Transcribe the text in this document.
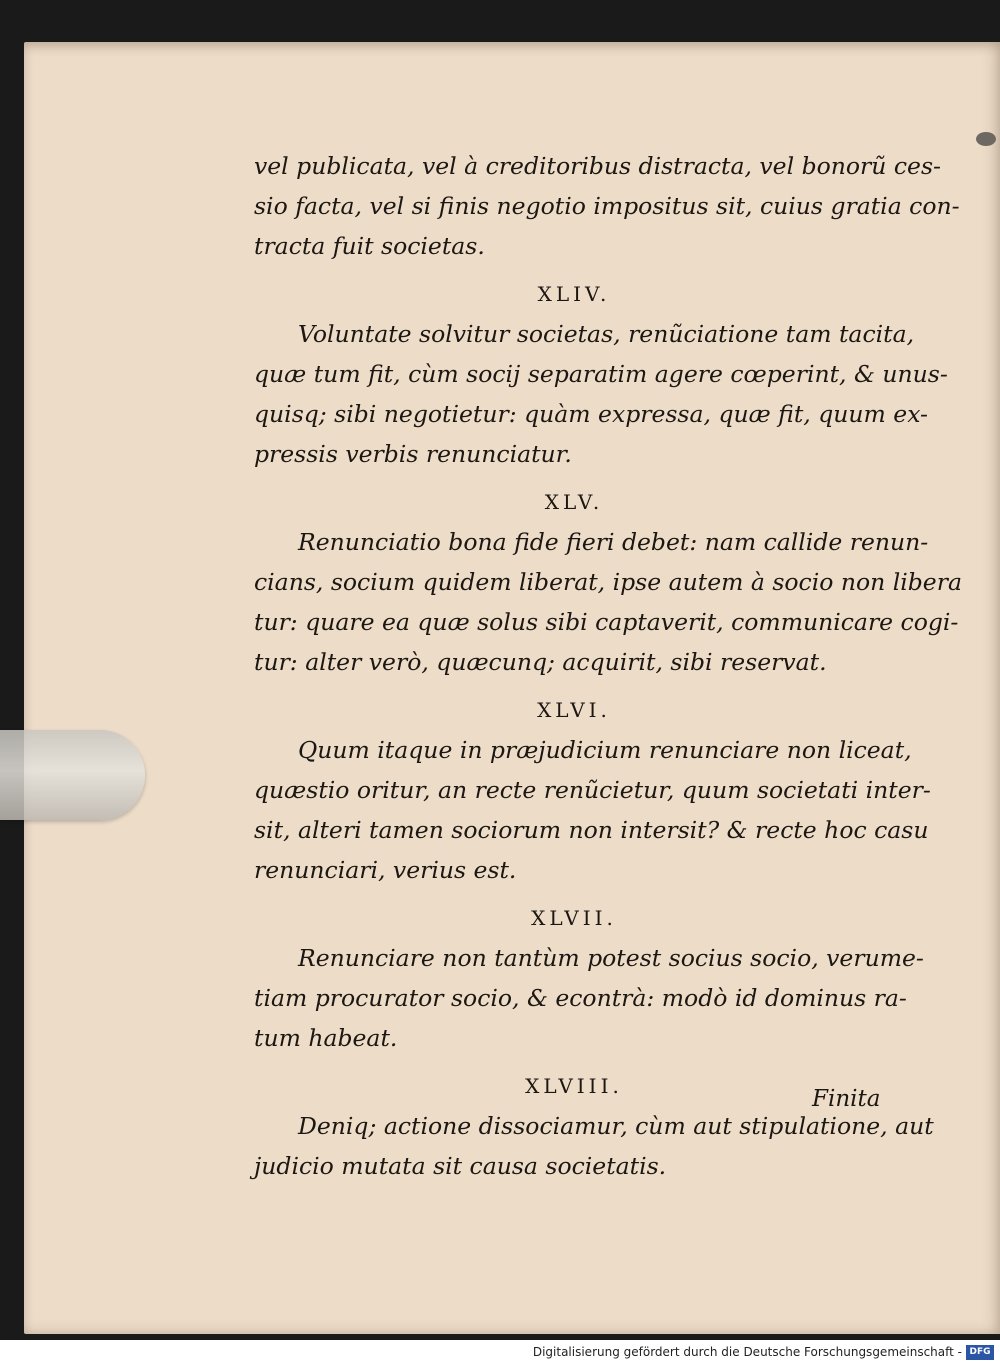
vel publicata, vel à creditoribus distracta, vel bonorũ ces-
sio facta, vel si finis negotio impositus sit, cuius gratia con-
tracta fuit societas.
XLIV.
Voluntate solvitur societas, renũciatione tam tacita,
quæ tum fit, cùm socij separatim agere cœperint, & unus-
quisq; sibi negotietur: quàm expressa, quæ fit, quum ex-
pressis verbis renunciatur.
XLV.
Renunciatio bona fide fieri debet: nam callide renun-
cians, socium quidem liberat, ipse autem à socio non libera
tur: quare ea quæ solus sibi captaverit, communicare cogi-
tur: alter verò, quæcunq; acquirit, sibi reservat.
XLVI.
Quum itaque in præjudicium renunciare non liceat,
quæstio oritur, an recte renũcietur, quum societati inter-
sit, alteri tamen sociorum non intersit? & recte hoc casu
renunciari, verius est.
XLVII.
Renunciare non tantùm potest socius socio, verume-
tiam procurator socio, & econtrà: modò id dominus ra-
tum habeat.
XLVIII.
Deniq; actione dissociamur, cùm aut stipulatione, aut
judicio mutata sit causa societatis.
Finita
Digitalisierung gefördert durch die Deutsche Forschungsgemeinschaft - DFG
